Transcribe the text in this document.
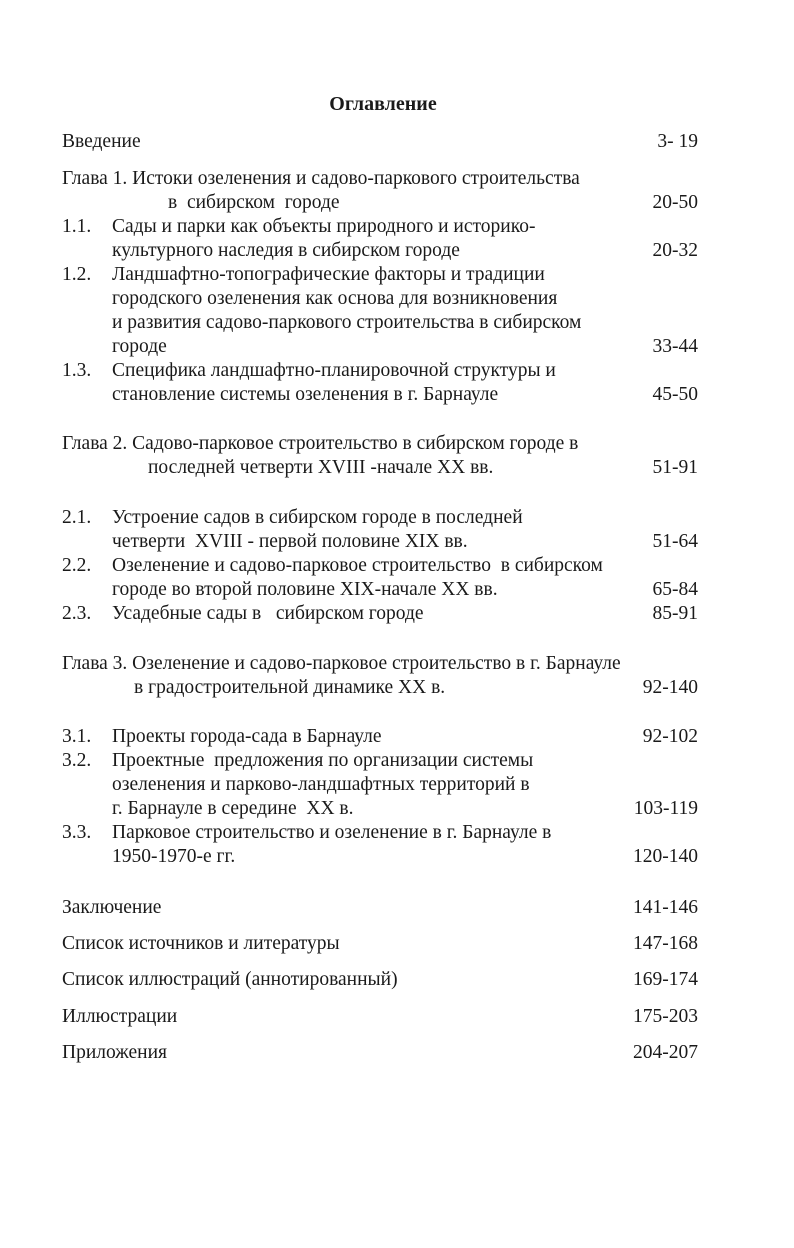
Оглавление
Введение	3- 19
Глава 1. Истоки озеленения и садово-паркового строительства
в  сибирском  городе	20-50
1.1. Сады и парки как объекты природного и историко-
культурного наследия в сибирском городе	20-32
1.2. Ландшафтно-топографические факторы и традиции
городского озеленения как основа для возникновения
и развития садово-паркового строительства в сибирском
городе	33-44
1.3. Специфика ландшафтно-планировочной структуры и
становление системы озеленения в г. Барнауле	45-50
Глава 2. Садово-парковое строительство в сибирском городе в
последней четверти XVIII -начале XX вв.	51-91
2.1. Устроение садов в сибирском городе в последней
четверти  XVIII - первой половине XIX вв.	51-64
2.2. Озеленение и садово-парковое строительство  в сибирском
городе во второй половине XIX-начале XX вв.	65-84
2.3. Усадебные сады в   сибирском городе	85-91
Глава 3. Озеленение и садово-парковое строительство в г. Барнауле
в градостроительной динамике XX в.	92-140
3.1. Проекты города-сада в Барнауле	92-102
3.2. Проектные  предложения по организации системы
озеленения и парково-ландшафтных территорий в
г. Барнауле в середине  XX в.	103-119
3.3. Парковое строительство и озеленение в г. Барнауле в
1950-1970-е гг.	120-140
Заключение	141-146
Список источников и литературы	147-168
Список иллюстраций (аннотированный)	169-174
Иллюстрации	175-203
Приложения	204-207
